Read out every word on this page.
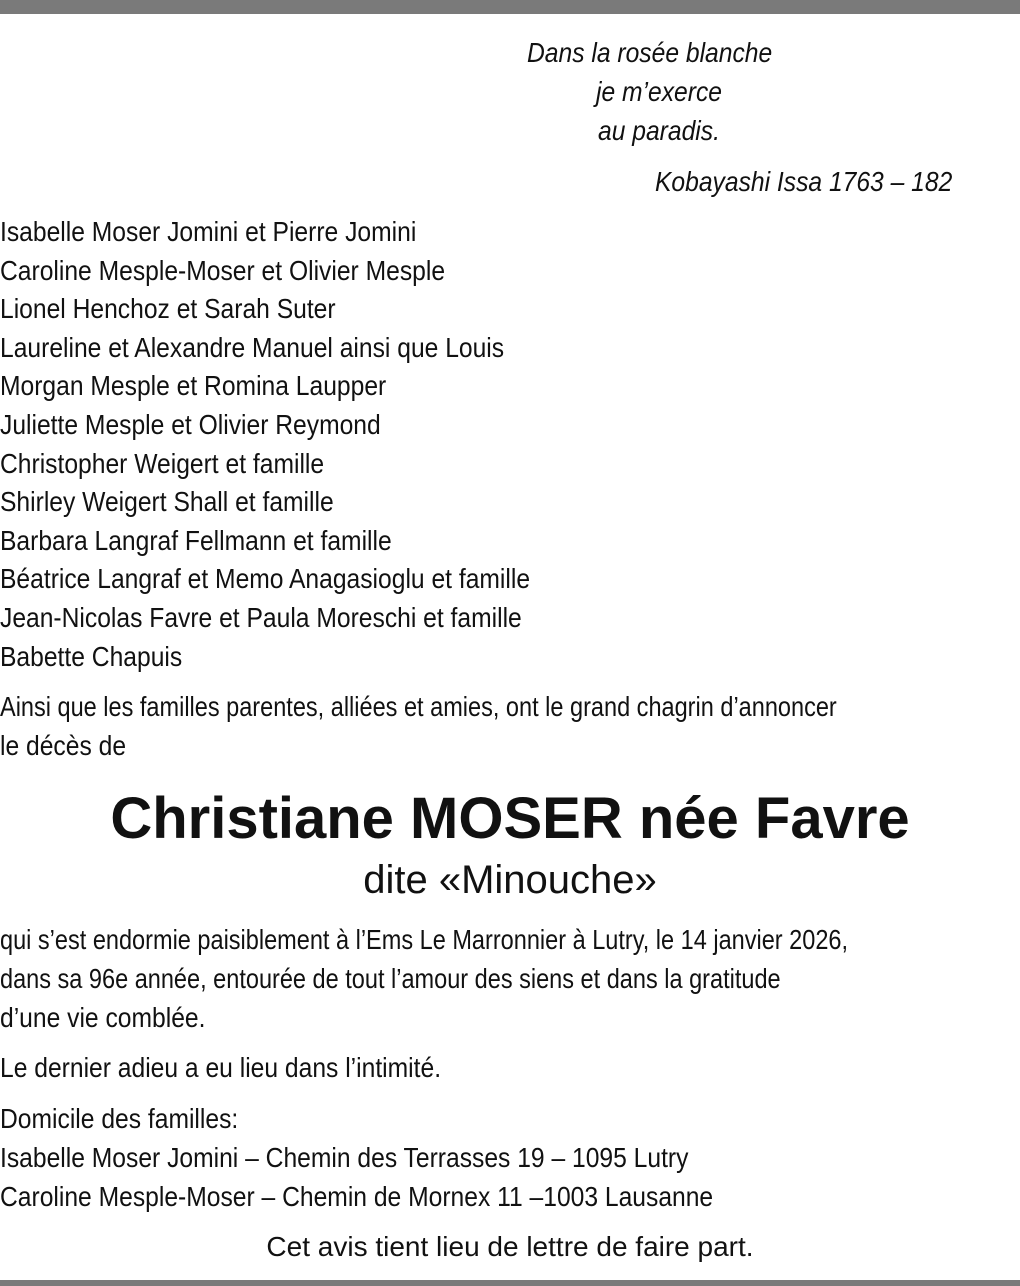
Dans la rosée blanche
je m’exerce
au paradis.
Kobayashi Issa 1763 – 182
Isabelle Moser Jomini et Pierre Jomini
Caroline Mesple-Moser et Olivier Mesple
Lionel Henchoz et Sarah Suter
Laureline et Alexandre Manuel ainsi que Louis
Morgan Mesple et Romina Laupper
Juliette Mesple et Olivier Reymond
Christopher Weigert et famille
Shirley Weigert Shall et famille
Barbara Langraf Fellmann et famille
Béatrice Langraf et Memo Anagasioglu et famille
Jean-Nicolas Favre et Paula Moreschi et famille
Babette Chapuis
Ainsi que les familles parentes, alliées et amies, ont le grand chagrin d’annoncer
le décès de
Christiane MOSER née Favre
dite «Minouche»
qui s’est endormie paisiblement à l’Ems Le Marronnier à Lutry, le 14 janvier 2026,
dans sa 96e année, entourée de tout l’amour des siens et dans la gratitude
d’une vie comblée.
Le dernier adieu a eu lieu dans l’intimité.
Domicile des familles:
Isabelle Moser Jomini – Chemin des Terrasses 19 – 1095 Lutry
Caroline Mesple-Moser – Chemin de Mornex 11 –1003 Lausanne
Cet avis tient lieu de lettre de faire part.
